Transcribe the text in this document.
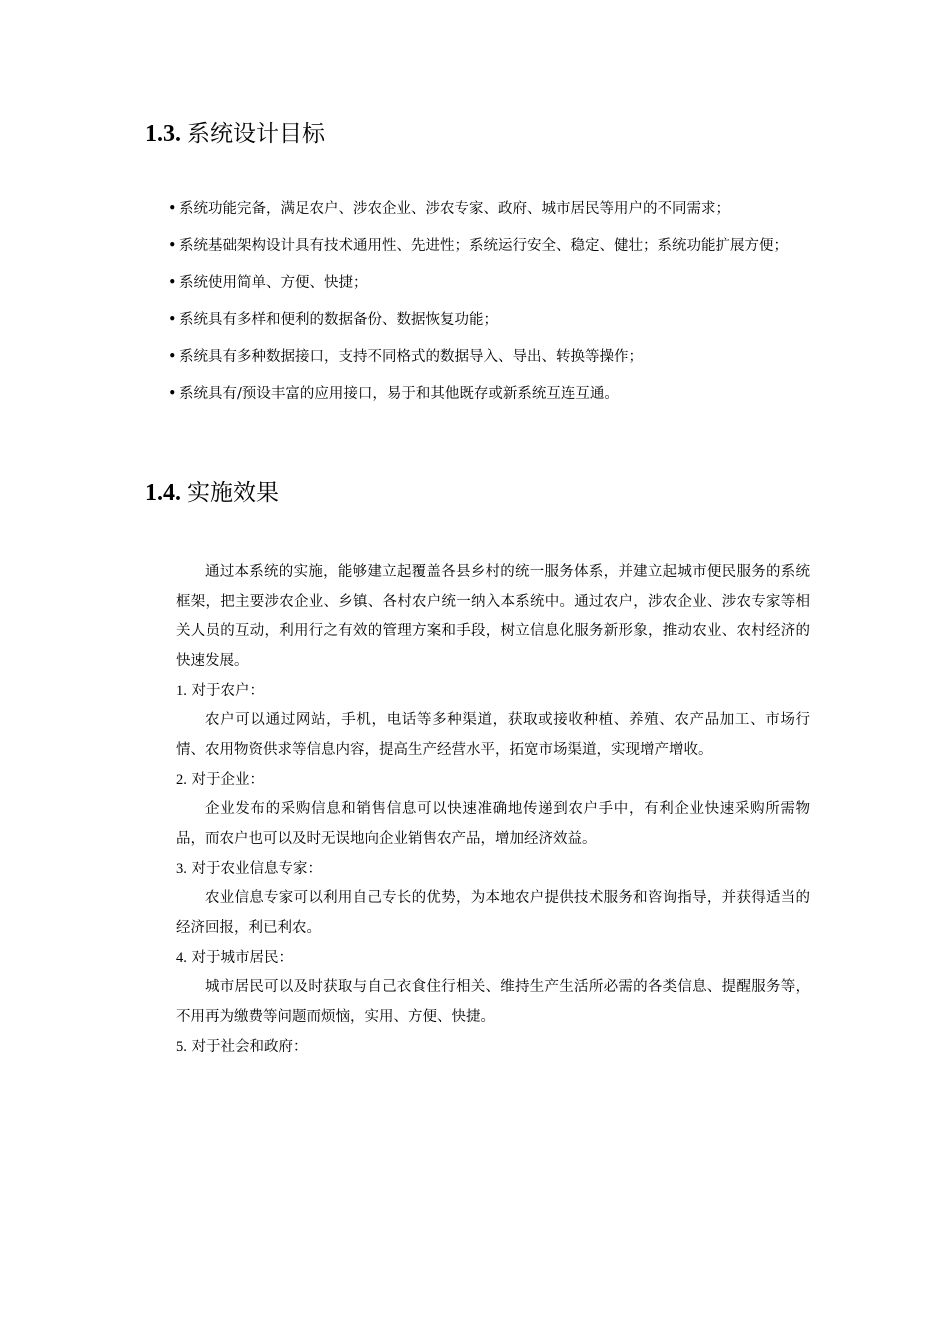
1.3. 系统设计目标
• 系统功能完备，满足农户、涉农企业、涉农专家、政府、城市居民等用户的不同需求；
• 系统基础架构设计具有技术通用性、先进性；系统运行安全、稳定、健壮；系统功能扩展方便；
• 系统使用简单、方便、快捷；
• 系统具有多样和便利的数据备份、数据恢复功能；
• 系统具有多种数据接口，支持不同格式的数据导入、导出、转换等操作；
• 系统具有/预设丰富的应用接口，易于和其他既存或新系统互连互通。
1.4. 实施效果

通过本系统的实施，能够建立起覆盖各县乡村的统一服务体系，并建立起城市便民服务的系统框架，把主要涉农企业、乡镇、各村农户统一纳入本系统中。通过农户，涉农企业、涉农专家等相关人员的互动，利用行之有效的管理方案和手段，树立信息化服务新形象，推动农业、农村经济的快速发展。

1. 对于农户：

农户可以通过网站，手机，电话等多种渠道，获取或接收种植、养殖、农产品加工、市场行情、农用物资供求等信息内容，提高生产经营水平，拓宽市场渠道，实现增产增收。

2. 对于企业：

企业发布的采购信息和销售信息可以快速准确地传递到农户手中，有利企业快速采购所需物品，而农户也可以及时无误地向企业销售农产品，增加经济效益。

3. 对于农业信息专家：

农业信息专家可以利用自己专长的优势，为本地农户提供技术服务和咨询指导，并获得适当的经济回报，利已利农。

4. 对于城市居民：

城市居民可以及时获取与自己衣食住行相关、维持生产生活所必需的各类信息、提醒服务等，不用再为缴费等问题而烦恼，实用、方便、快捷。

5. 对于社会和政府：
